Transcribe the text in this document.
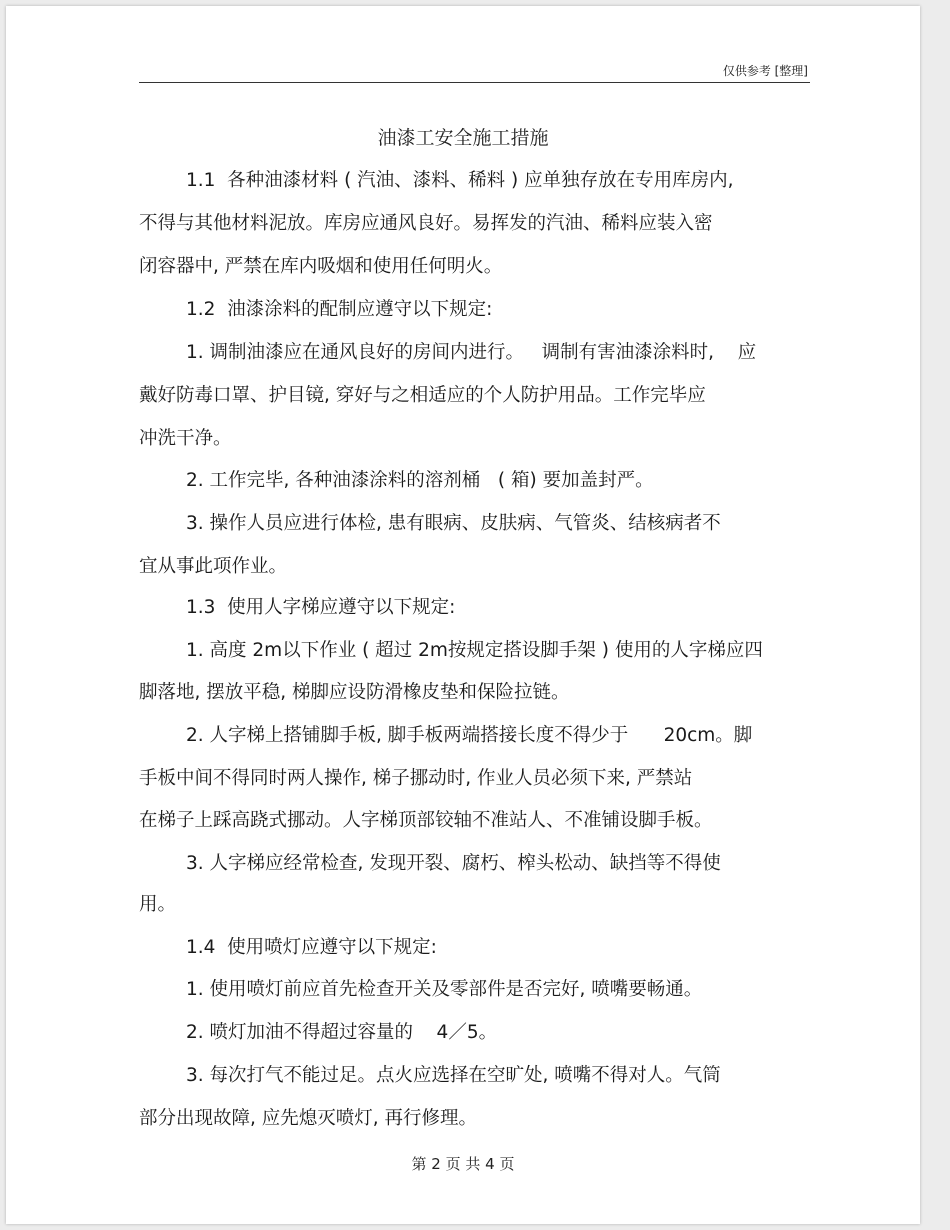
仅供参考 [整理]
油漆工安全施工措施
1.1  各种油漆材料 ( 汽油、漆料、稀料 ) 应单独存放在专用库房内,
不得与其他材料泥放。库房应通风良好。易挥发的汽油、稀料应装入密
闭容器中, 严禁在库内吸烟和使用任何明火。
1.2  油漆涂料的配制应遵守以下规定:
1. 调制油漆应在通风良好的房间内进行。   调制有害油漆涂料时,    应
戴好防毒口罩、护目镜, 穿好与之相适应的个人防护用品。工作完毕应
冲洗干净。
2. 工作完毕, 各种油漆涂料的溶剂桶   ( 箱) 要加盖封严。
3. 操作人员应进行体检, 患有眼病、皮肤病、气管炎、结核病者不
宜从事此项作业。
1.3  使用人字梯应遵守以下规定:
1. 高度 2m以下作业 ( 超过 2m按规定搭设脚手架 ) 使用的人字梯应四
脚落地, 摆放平稳, 梯脚应设防滑橡皮垫和保险拉链。
2. 人字梯上搭铺脚手板, 脚手板两端搭接长度不得少于      20cm。脚
手板中间不得同时两人操作, 梯子挪动时, 作业人员必须下来, 严禁站
在梯子上踩高跷式挪动。人字梯顶部铰轴不准站人、不准铺设脚手板。
3. 人字梯应经常检查, 发现开裂、腐朽、榨头松动、缺挡等不得使
用。
1.4  使用喷灯应遵守以下规定:
1. 使用喷灯前应首先检查开关及零部件是否完好, 喷嘴要畅通。
2. 喷灯加油不得超过容量的    4／5。
3. 每次打气不能过足。点火应选择在空旷处, 喷嘴不得对人。气筒
部分出现故障, 应先熄灭喷灯, 再行修理。
第 2 页 共 4 页
